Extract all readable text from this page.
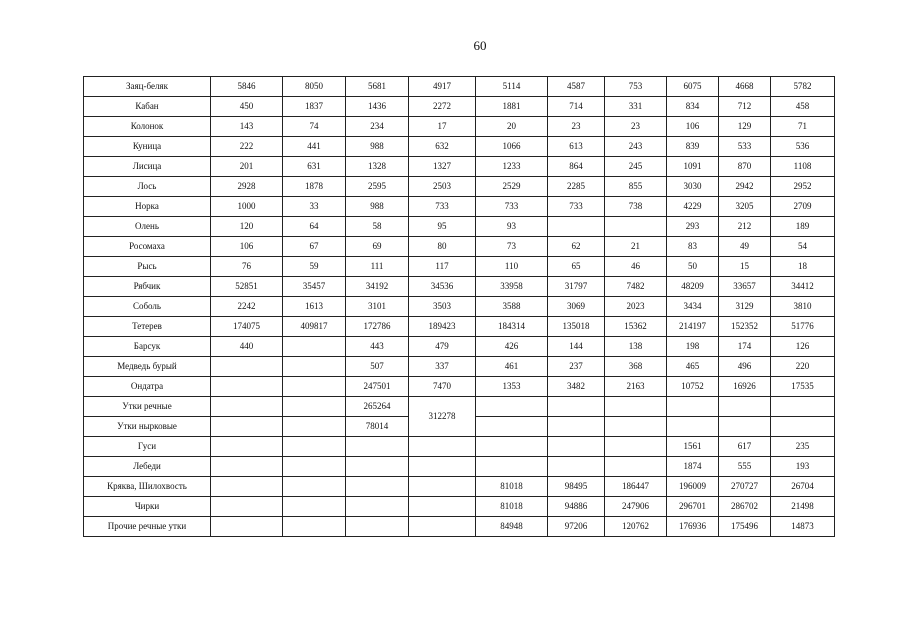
60
Заяц-беляк	5846	8050	5681	4917	5114	4587	753	6075	4668	5782
Кабан	450	1837	1436	2272	1881	714	331	834	712	458
Колонок	143	74	234	17	20	23	23	106	129	71
Куница	222	441	988	632	1066	613	243	839	533	536
Лисица	201	631	1328	1327	1233	864	245	1091	870	1108
Лось	2928	1878	2595	2503	2529	2285	855	3030	2942	2952
Норка	1000	33	988	733	733	733	738	4229	3205	2709
Олень	120	64	58	95	93			293	212	189
Росомаха	106	67	69	80	73	62	21	83	49	54
Рысь	76	59	111	117	110	65	46	50	15	18
Рябчик	52851	35457	34192	34536	33958	31797	7482	48209	33657	34412
Соболь	2242	1613	3101	3503	3588	3069	2023	3434	3129	3810
Тетерев	174075	409817	172786	189423	184314	135018	15362	214197	152352	51776
Барсук	440		443	479	426	144	138	198	174	126
Медведь бурый			507	337	461	237	368	465	496	220
Ондатра			247501	7470	1353	3482	2163	10752	16926	17535
Утки речные			265264	312278						
Утки нырковые			78014							
Гуси								1561	617	235
Лебеди								1874	555	193
Кряква, Шилохвость					81018	98495	186447	196009	270727	26704
Чирки					81018	94886	247906	296701	286702	21498
Прочие речные утки					84948	97206	120762	176936	175496	14873
